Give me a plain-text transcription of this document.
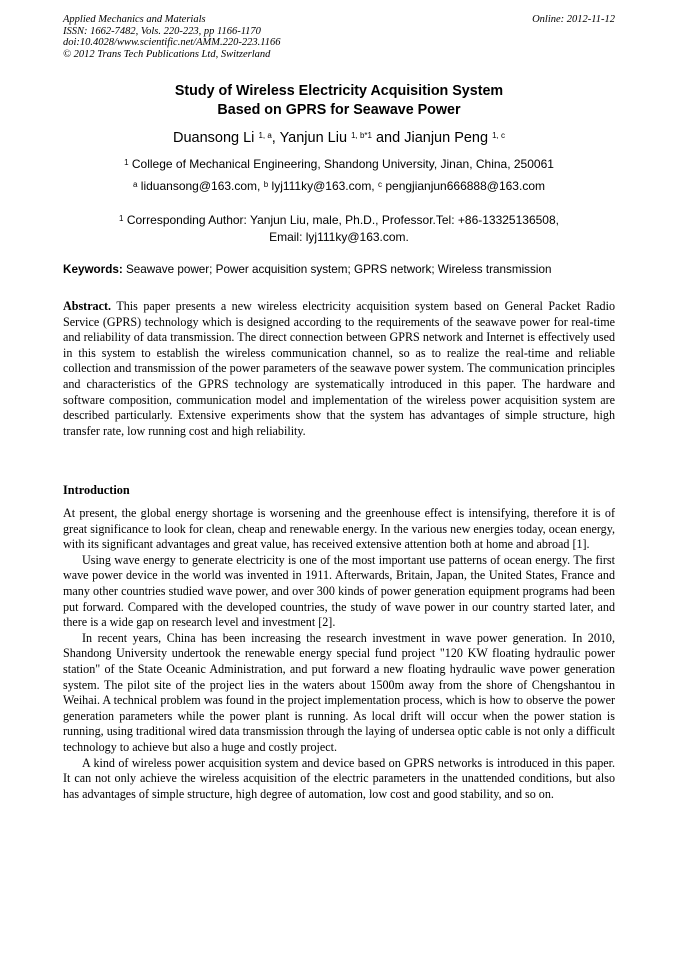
Applied Mechanics and Materials
ISSN: 1662-7482, Vols. 220-223, pp 1166-1170
doi:10.4028/www.scientific.net/AMM.220-223.1166
© 2012 Trans Tech Publications Ltd, Switzerland
Online: 2012-11-12
Study of Wireless Electricity Acquisition System
Based on GPRS for Seawave Power
Duansong Li $^{1, a}$, Yanjun Liu $^{1, b*1}$ and Jianjun Peng $^{1, c}$
$^1$ College of Mechanical Engineering, Shandong University, Jinan, China, 250061
$^a$ liduansong@163.com, $^b$ lyj111ky@163.com, $^c$ pengjianjun666888@163.com
$^1$ Corresponding Author: Yanjun Liu, male, Ph.D., Professor.Tel: +86-13325136508,
Email: lyj111ky@163.com.
Keywords: Seawave power; Power acquisition system; GPRS network; Wireless transmission

Abstract. This paper presents a new wireless electricity acquisition system based on General Packet Radio Service (GPRS) technology which is designed according to the requirements of the seawave power for real-time and reliability of data transmission. The direct connection between GPRS network and Internet is effectively used in this system to establish the wireless communication channel, so as to realize the real-time and reliable collection and transmission of the power parameters of the seawave power system. The communication principles and characteristics of the GPRS technology are systematically introduced in this paper. The hardware and software composition, communication model and implementation of the wireless power acquisition system are described particularly. Extensive experiments show that the system has advantages of simple structure, high transfer rate, low running cost and high reliability.

Introduction

At present, the global energy shortage is worsening and the greenhouse effect is intensifying, therefore it is of great significance to look for clean, cheap and renewable energy. In the various new energies today, ocean energy, with its significant advantages and great value, has received extensive attention both at home and abroad [1].

Using wave energy to generate electricity is one of the most important use patterns of ocean energy. The first wave power device in the world was invented in 1911. Afterwards, Britain, Japan, the United States, France and many other countries studied wave power, and over 300 kinds of power generation equipment programs had been put forward. Compared with the developed countries, the study of wave power in our country started later, and there is a wide gap on research level and investment [2].

In recent years, China has been increasing the research investment in wave power generation. In 2010, Shandong University undertook the renewable energy special fund project "120 KW floating hydraulic power station" of the State Oceanic Administration, and put forward a new floating hydraulic wave power generation system. The pilot site of the project lies in the waters about 1500m away from the shore of Chengshantou in Weihai. A technical problem was found in the project implementation process, which is how to observe the power generation parameters while the power plant is running. As local drift will occur when the power station is running, using traditional wired data transmission through the laying of undersea optic cable is not only a difficult technology to achieve but also a huge and costly project.

A kind of wireless power acquisition system and device based on GPRS networks is introduced in this paper. It can not only achieve the wireless acquisition of the electric parameters in the unattended conditions, but also has advantages of simple structure, high degree of automation, low cost and good stability, and so on.
